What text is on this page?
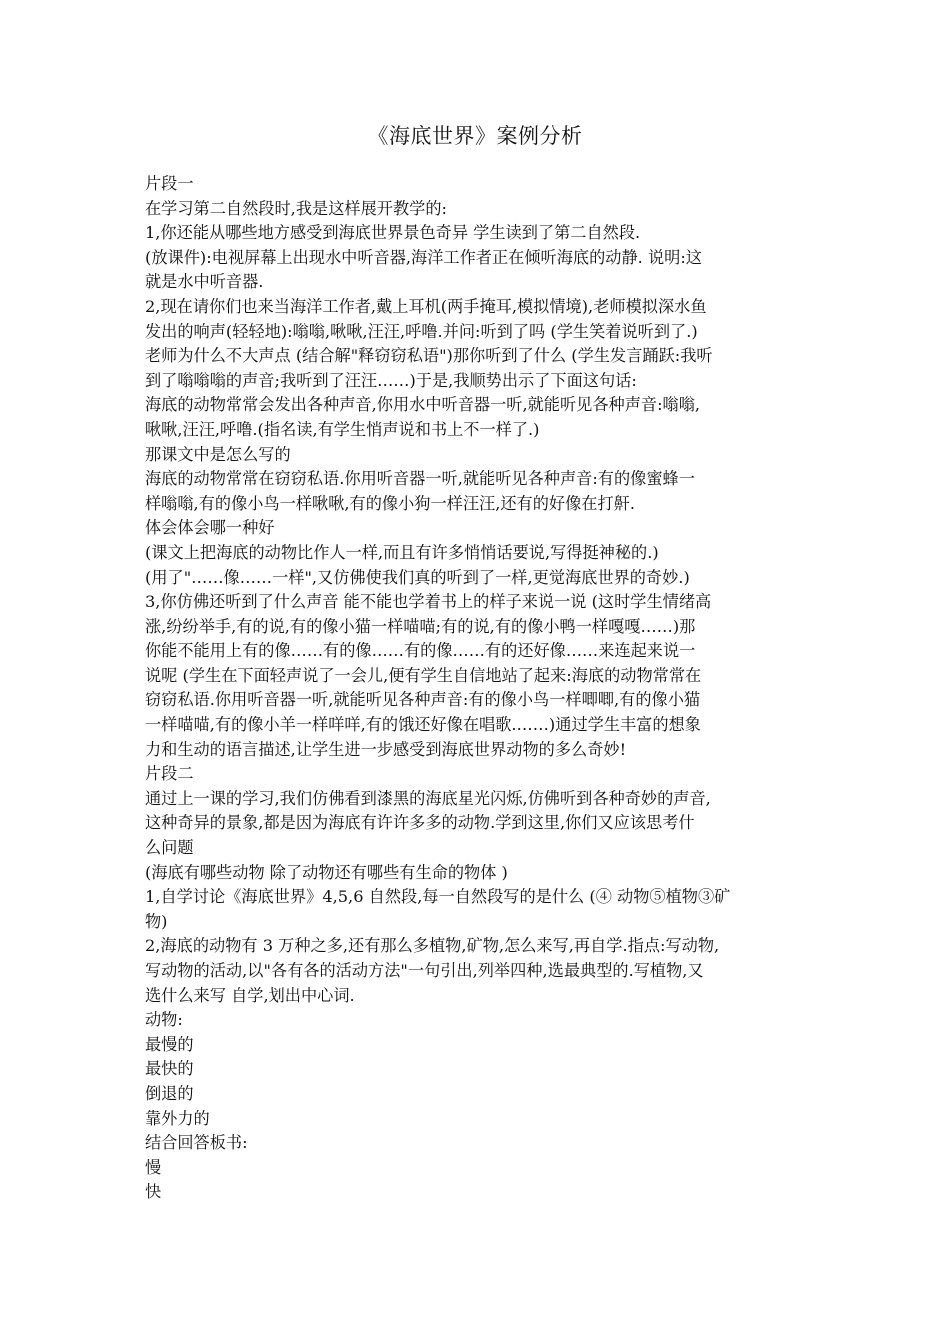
《海底世界》案例分析
片段一
在学习第二自然段时,我是这样展开教学的:
1,你还能从哪些地方感受到海底世界景色奇异 学生读到了第二自然段.
(放课件):电视屏幕上出现水中听音器,海洋工作者正在倾听海底的动静. 说明:这
就是水中听音器.
2,现在请你们也来当海洋工作者,戴上耳机(两手掩耳,模拟情境),老师模拟深水鱼
发出的响声(轻轻地):嗡嗡,啾啾,汪汪,呼噜.并问:听到了吗 (学生笑着说听到了.)
老师为什么不大声点 (结合解"释窃窃私语")那你听到了什么 (学生发言踊跃:我听
到了嗡嗡嗡的声音;我听到了汪汪……)于是,我顺势出示了下面这句话:
海底的动物常常会发出各种声音,你用水中听音器一听,就能听见各种声音:嗡嗡,
啾啾,汪汪,呼噜.(指名读,有学生悄声说和书上不一样了.)
那课文中是怎么写的
海底的动物常常在窃窃私语.你用听音器一听,就能听见各种声音:有的像蜜蜂一
样嗡嗡,有的像小鸟一样啾啾,有的像小狗一样汪汪,还有的好像在打鼾.
体会体会哪一种好
(课文上把海底的动物比作人一样,而且有许多悄悄话要说,写得挺神秘的.)
(用了"……像……一样",又仿佛使我们真的听到了一样,更觉海底世界的奇妙.)
3,你仿佛还听到了什么声音 能不能也学着书上的样子来说一说 (这时学生情绪高
涨,纷纷举手,有的说,有的像小猫一样喵喵;有的说,有的像小鸭一样嘎嘎……)那
你能不能用上有的像……有的像……有的像……有的还好像……来连起来说一
说呢 (学生在下面轻声说了一会儿,便有学生自信地站了起来:海底的动物常常在
窃窃私语.你用听音器一听,就能听见各种声音:有的像小鸟一样唧唧,有的像小猫
一样喵喵,有的像小羊一样咩咩,有的饿还好像在唱歌.……)通过学生丰富的想象
力和生动的语言描述,让学生进一步感受到海底世界动物的多么奇妙!
片段二
通过上一课的学习,我们仿佛看到漆黑的海底星光闪烁,仿佛听到各种奇妙的声音,
这种奇异的景象,都是因为海底有许许多多的动物.学到这里,你们又应该思考什
么问题
(海底有哪些动物 除了动物还有哪些有生命的物体 )
1,自学讨论《海底世界》4,5,6 自然段,每一自然段写的是什么 (④ 动物⑤植物③矿
物)
2,海底的动物有 3 万种之多,还有那么多植物,矿物,怎么来写,再自学.指点:写动物,
写动物的活动,以"各有各的活动方法"一句引出,列举四种,选最典型的.写植物,又
选什么来写 自学,划出中心词.
动物:
最慢的
最快的
倒退的
靠外力的
结合回答板书:
慢
快
